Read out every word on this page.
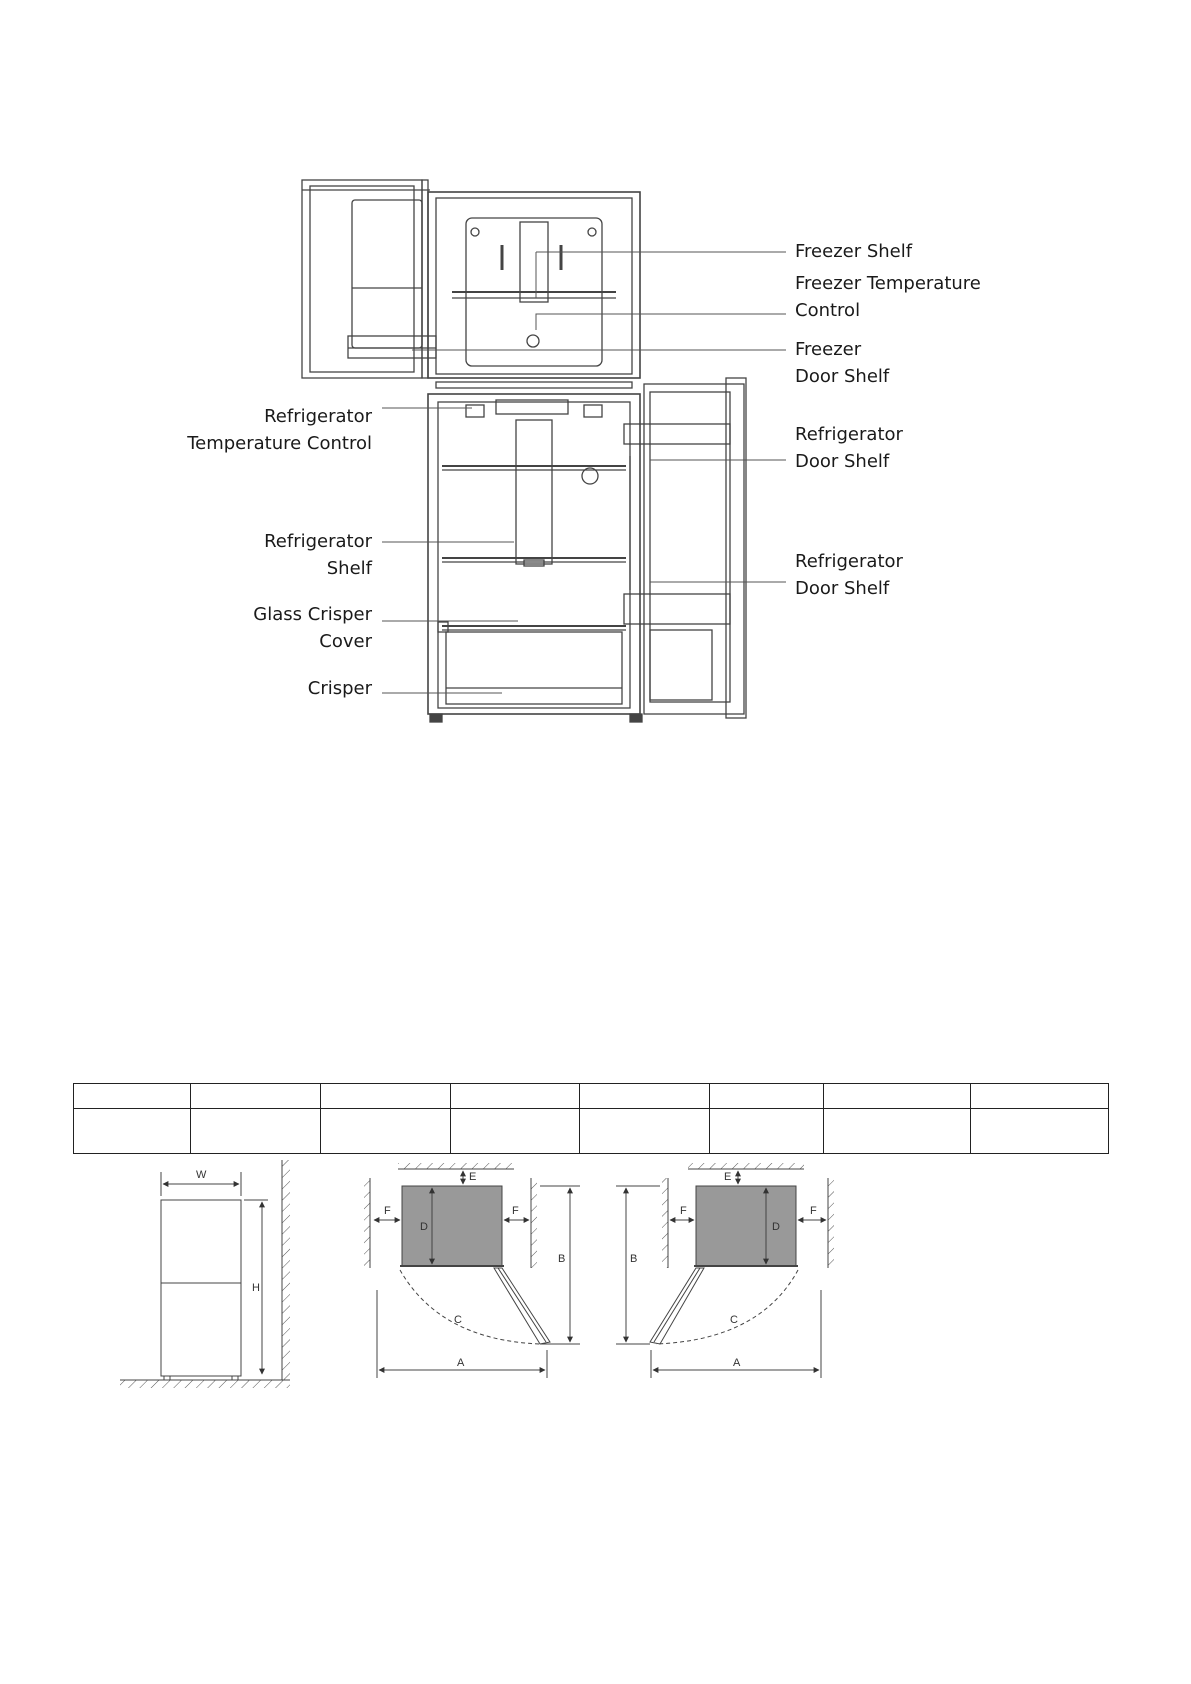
Freezer Shelf
Freezer Temperature
Control
Freezer
Door Shelf
Refrigerator
Temperature Control	Refrigerator
Door Shelf
Refrigerator
Shelf	Refrigerator
Door Shelf
Glass Crisper
Cover
Crisper

W
H
E
F	F
D
B
C
A
E
F	F
D
B
C
A
